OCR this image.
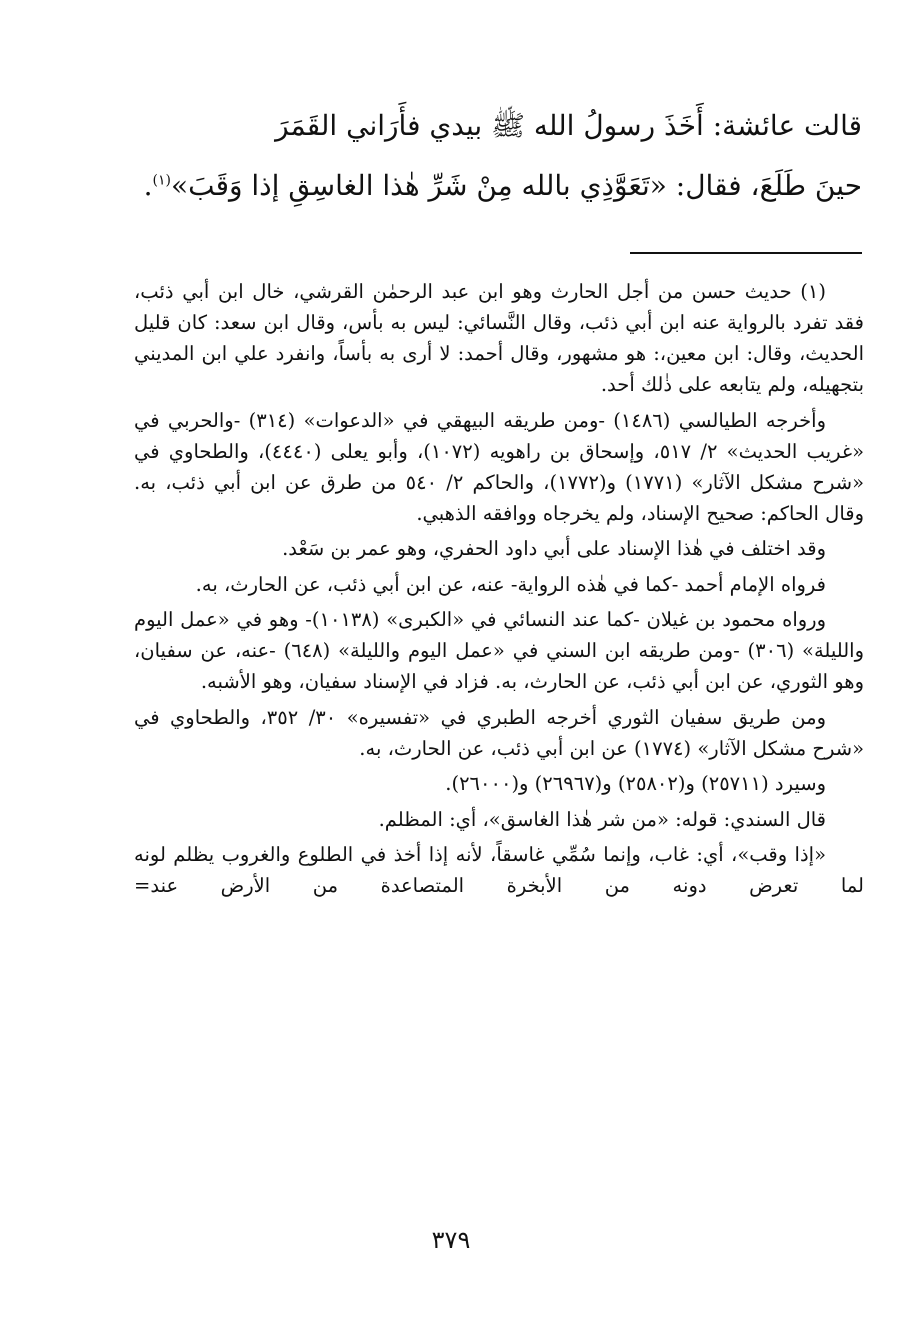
قالت عائشة: أَخَذَ رسولُ الله ﷺ بيدي فأَرَاني القَمَرَ

حينَ طَلَعَ، فقال: «تَعَوَّذِي بالله مِنْ شَرِّ هٰذا الغاسِقِ إذا وَقَبَ»$^{(١)}$.

(١) حديث حسن من أجل الحارث وهو ابن عبد الرحمٰن القرشي، خال ابن أبي ذئب، فقد تفرد بالرواية عنه ابن أبي ذئب، وقال النَّسائي: ليس به بأس، وقال ابن سعد: كان قليل الحديث، وقال: ابن معين،: هو مشهور، وقال أحمد: لا أرى به بأساً، وانفرد علي ابن المديني بتجهيله، ولم يتابعه على ذٰلك أحد.

وأخرجه الطيالسي (١٤٨٦) -ومن طريقه البيهقي في «الدعوات» (٣١٤) -والحربي في «غريب الحديث» ٢/ ٥١٧، وإسحاق بن راهويه (١٠٧٢)، وأبو يعلى (٤٤٤٠)، والطحاوي في «شرح مشكل الآثار» (١٧٧١) و(١٧٧٢)، والحاكم ٢/ ٥٤٠ من طرق عن ابن أبي ذئب، به. وقال الحاكم: صحيح الإسناد، ولم يخرجاه ووافقه الذهبي.

وقد اختلف في هٰذا الإسناد على أبي داود الحفري، وهو عمر بن سَعْد.

فرواه الإمام أحمد -كما في هٰذه الرواية- عنه، عن ابن أبي ذئب، عن الحارث، به.

ورواه محمود بن غيلان -كما عند النسائي في «الكبرى» (١٠١٣٨)- وهو في «عمل اليوم والليلة» (٣٠٦) -ومن طريقه ابن السني في «عمل اليوم والليلة» (٦٤٨) -عنه، عن سفيان، وهو الثوري، عن ابن أبي ذئب، عن الحارث، به. فزاد في الإسناد سفيان، وهو الأشبه.

ومن طريق سفيان الثوري أخرجه الطبري في «تفسيره» ٣٠/ ٣٥٢، والطحاوي في «شرح مشكل الآثار» (١٧٧٤) عن ابن أبي ذئب، عن الحارث، به.

وسيرد (٢٥٧١١) و(٢٥٨٠٢) و(٢٦٩٦٧) و(٢٦٠٠٠).

قال السندي: قوله: «من شر هٰذا الغاسق»، أي: المظلم.

«إذا وقب»، أي: غاب، وإنما سُمِّي غاسقاً، لأنه إذا أخذ في الطلوع والغروب يظلم لونه لما تعرض دونه من الأبخرة المتصاعدة من الأرض عند=

٣٧٩
